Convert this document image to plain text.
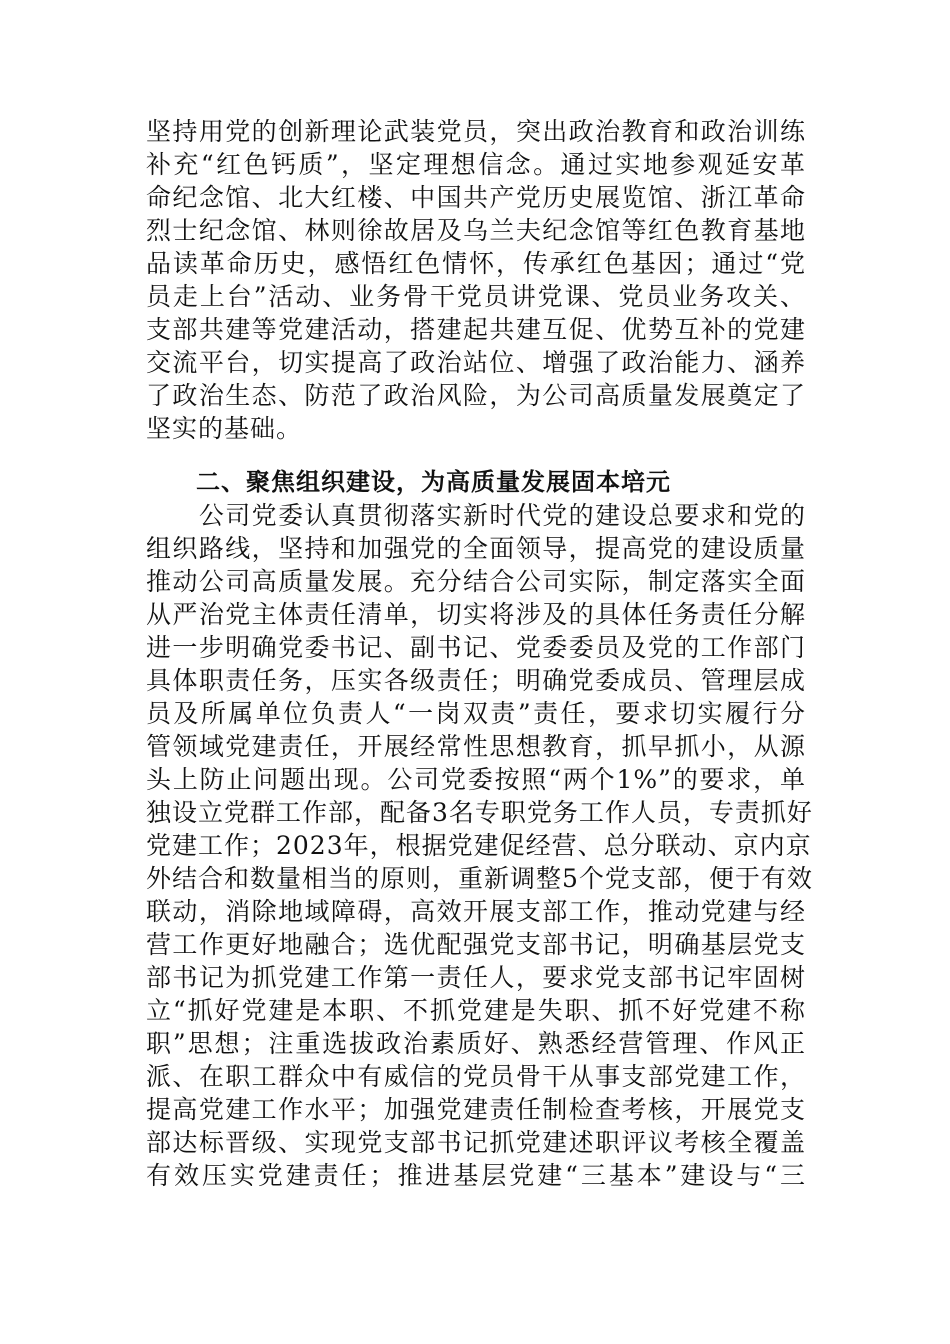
坚持用党的创新理论武装党员，突出政治教育和政治训练
补充“红色钙质”，坚定理想信念。通过实地参观延安革
命纪念馆、北大红楼、中国共产党历史展览馆、浙江革命
烈士纪念馆、林则徐故居及乌兰夫纪念馆等红色教育基地
品读革命历史，感悟红色情怀，传承红色基因；通过“党
员走上台”活动、业务骨干党员讲党课、党员业务攻关、
支部共建等党建活动，搭建起共建互促、优势互补的党建
交流平台，切实提高了政治站位、增强了政治能力、涵养
了政治生态、防范了政治风险，为公司高质量发展奠定了
坚实的基础。
二、聚焦组织建设，为高质量发展固本培元
　　公司党委认真贯彻落实新时代党的建设总要求和党的
组织路线，坚持和加强党的全面领导，提高党的建设质量
推动公司高质量发展。充分结合公司实际，制定落实全面
从严治党主体责任清单，切实将涉及的具体任务责任分解
进一步明确党委书记、副书记、党委委员及党的工作部门
具体职责任务，压实各级责任；明确党委成员、管理层成
员及所属单位负责人“一岗双责”责任，要求切实履行分
管领域党建责任，开展经常性思想教育，抓早抓小，从源
头上防止问题出现。公司党委按照“两个1%”的要求，单
独设立党群工作部，配备3名专职党务工作人员，专责抓好
党建工作；2023年，根据党建促经营、总分联动、京内京
外结合和数量相当的原则，重新调整5个党支部，便于有效
联动，消除地域障碍，高效开展支部工作，推动党建与经
营工作更好地融合；选优配强党支部书记，明确基层党支
部书记为抓党建工作第一责任人，要求党支部书记牢固树
立“抓好党建是本职、不抓党建是失职、抓不好党建不称
职”思想；注重选拔政治素质好、熟悉经营管理、作风正
派、在职工群众中有威信的党员骨干从事支部党建工作，
提高党建工作水平；加强党建责任制检查考核，开展党支
部达标晋级、实现党支部书记抓党建述职评议考核全覆盖
有效压实党建责任；推进基层党建“三基本”建设与“三
